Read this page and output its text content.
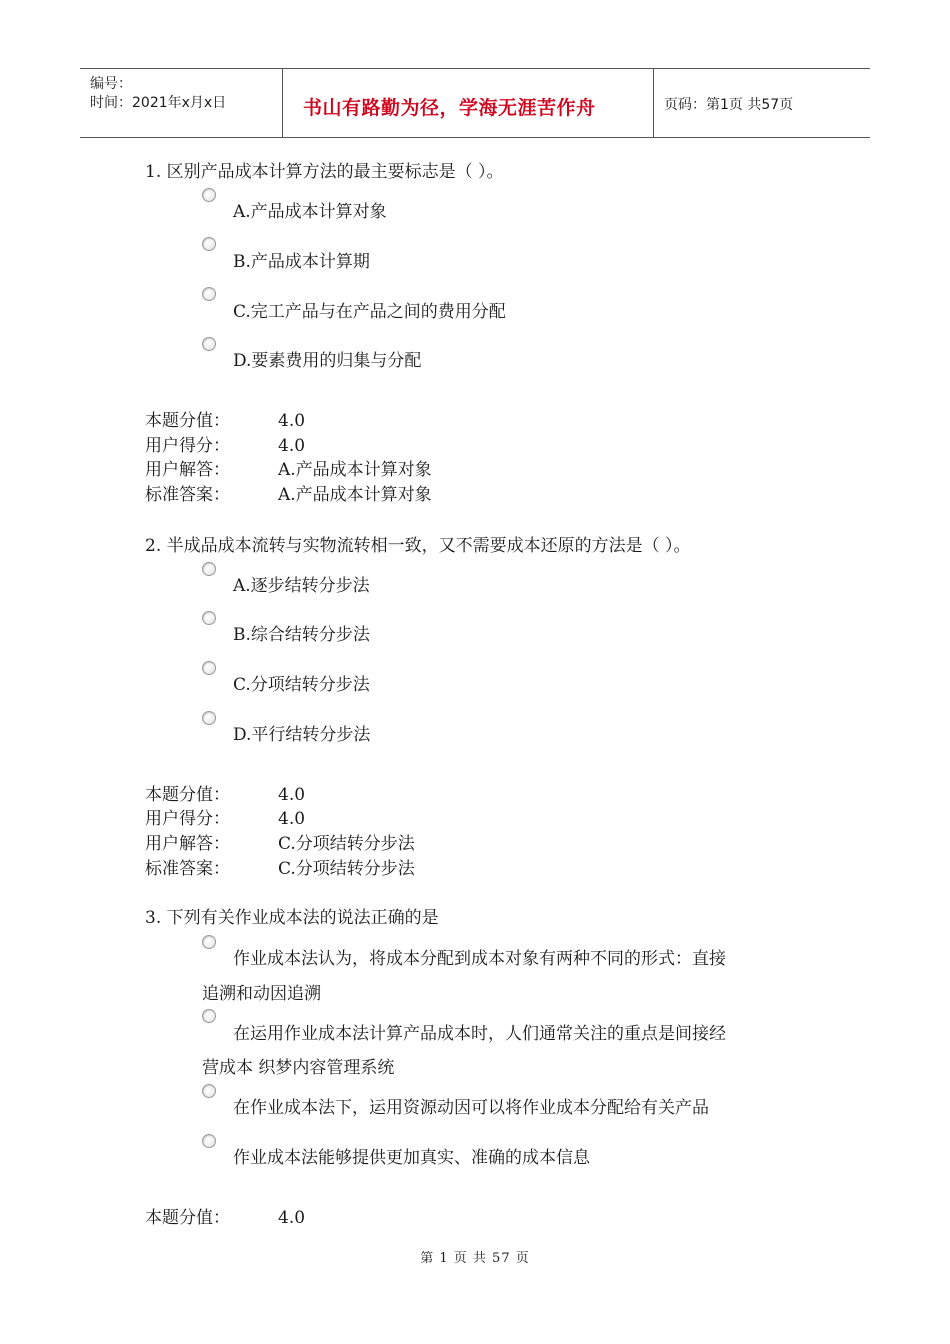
编号：
时间：2021年x月x日	书山有路勤为径，学海无涯苦作舟	页码：第1页 共57页
1. 区别产品成本计算方法的最主要标志是（ ）。
A.产品成本计算对象
B.产品成本计算期
C.完工产品与在产品之间的费用分配
D.要素费用的归集与分配
本题分值：	4.0
用户得分：	4.0
用户解答：	A.产品成本计算对象
标准答案：	A.产品成本计算对象
2. 半成品成本流转与实物流转相一致，又不需要成本还原的方法是（ ）。
A.逐步结转分步法
B.综合结转分步法
C.分项结转分步法
D.平行结转分步法
本题分值：	4.0
用户得分：	4.0
用户解答：	C.分项结转分步法
标准答案：	C.分项结转分步法
3. 下列有关作业成本法的说法正确的是
作业成本法认为，将成本分配到成本对象有两种不同的形式：直接
追溯和动因追溯
在运用作业成本法计算产品成本时，人们通常关注的重点是间接经
营成本 织梦内容管理系统
在作业成本法下，运用资源动因可以将作业成本分配给有关产品
作业成本法能够提供更加真实、准确的成本信息
本题分值：	4.0
第 1 页 共 57 页
